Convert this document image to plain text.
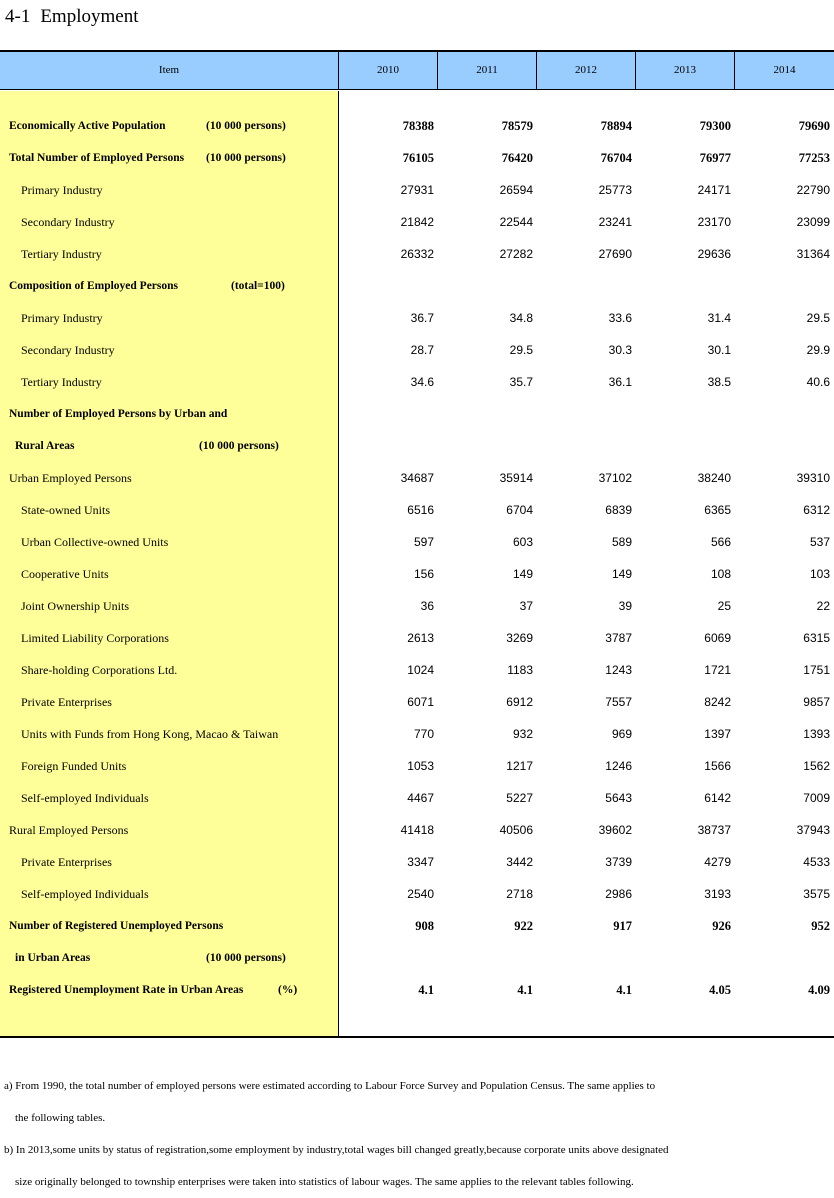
4-1 Employment
Item	2010	2011	2012	2013	2014
Economically Active Population	(10 000 persons)	78388	78579	78894	79300	79690
Total Number of Employed Persons (10 000 persons)	76105	76420	76704	76977	77253
Primary Industry	27931	26594	25773	24171	22790
Secondary Industry	21842	22544	23241	23170	23099
Tertiary Industry	26332	27282	27690	29636	31364
Composition of Employed Persons	(total=100)
Primary Industry	36.7	34.8	33.6	31.4	29.5
Secondary Industry	28.7	29.5	30.3	30.1	29.9
Tertiary Industry	34.6	35.7	36.1	38.5	40.6
Number of Employed Persons by Urban and
Rural Areas	(10 000 persons)
Urban Employed Persons	34687	35914	37102	38240	39310
State-owned Units	6516	6704	6839	6365	6312
Urban Collective-owned Units	597	603	589	566	537
Cooperative Units	156	149	149	108	103
Joint Ownership Units	36	37	39	25	22
Limited Liability Corporations	2613	3269	3787	6069	6315
Share-holding Corporations Ltd.	1024	1183	1243	1721	1751
Private Enterprises	6071	6912	7557	8242	9857
Units with Funds from Hong Kong, Macao & Taiwan	770	932	969	1397	1393
Foreign Funded Units	1053	1217	1246	1566	1562
Self-employed Individuals	4467	5227	5643	6142	7009
Rural Employed Persons	41418	40506	39602	38737	37943
Private Enterprises	3347	3442	3739	4279	4533
Self-employed Individuals	2540	2718	2986	3193	3575
Number of Registered Unemployed Persons	908	922	917	926	952
in Urban Areas	(10 000 persons)
Registered Unemployment Rate in Urban Areas	(%)	4.1	4.1	4.1	4.05	4.09
a) From 1990, the total number of employed persons were estimated according to Labour Force Survey and Population Census. The same applies to
the following tables.
b) In 2013,some units by status of registration,some employment by industry,total wages bill changed greatly,because corporate units above designated
size originally belonged to township enterprises were taken into statistics of labour wages. The same applies to the relevant tables following.
